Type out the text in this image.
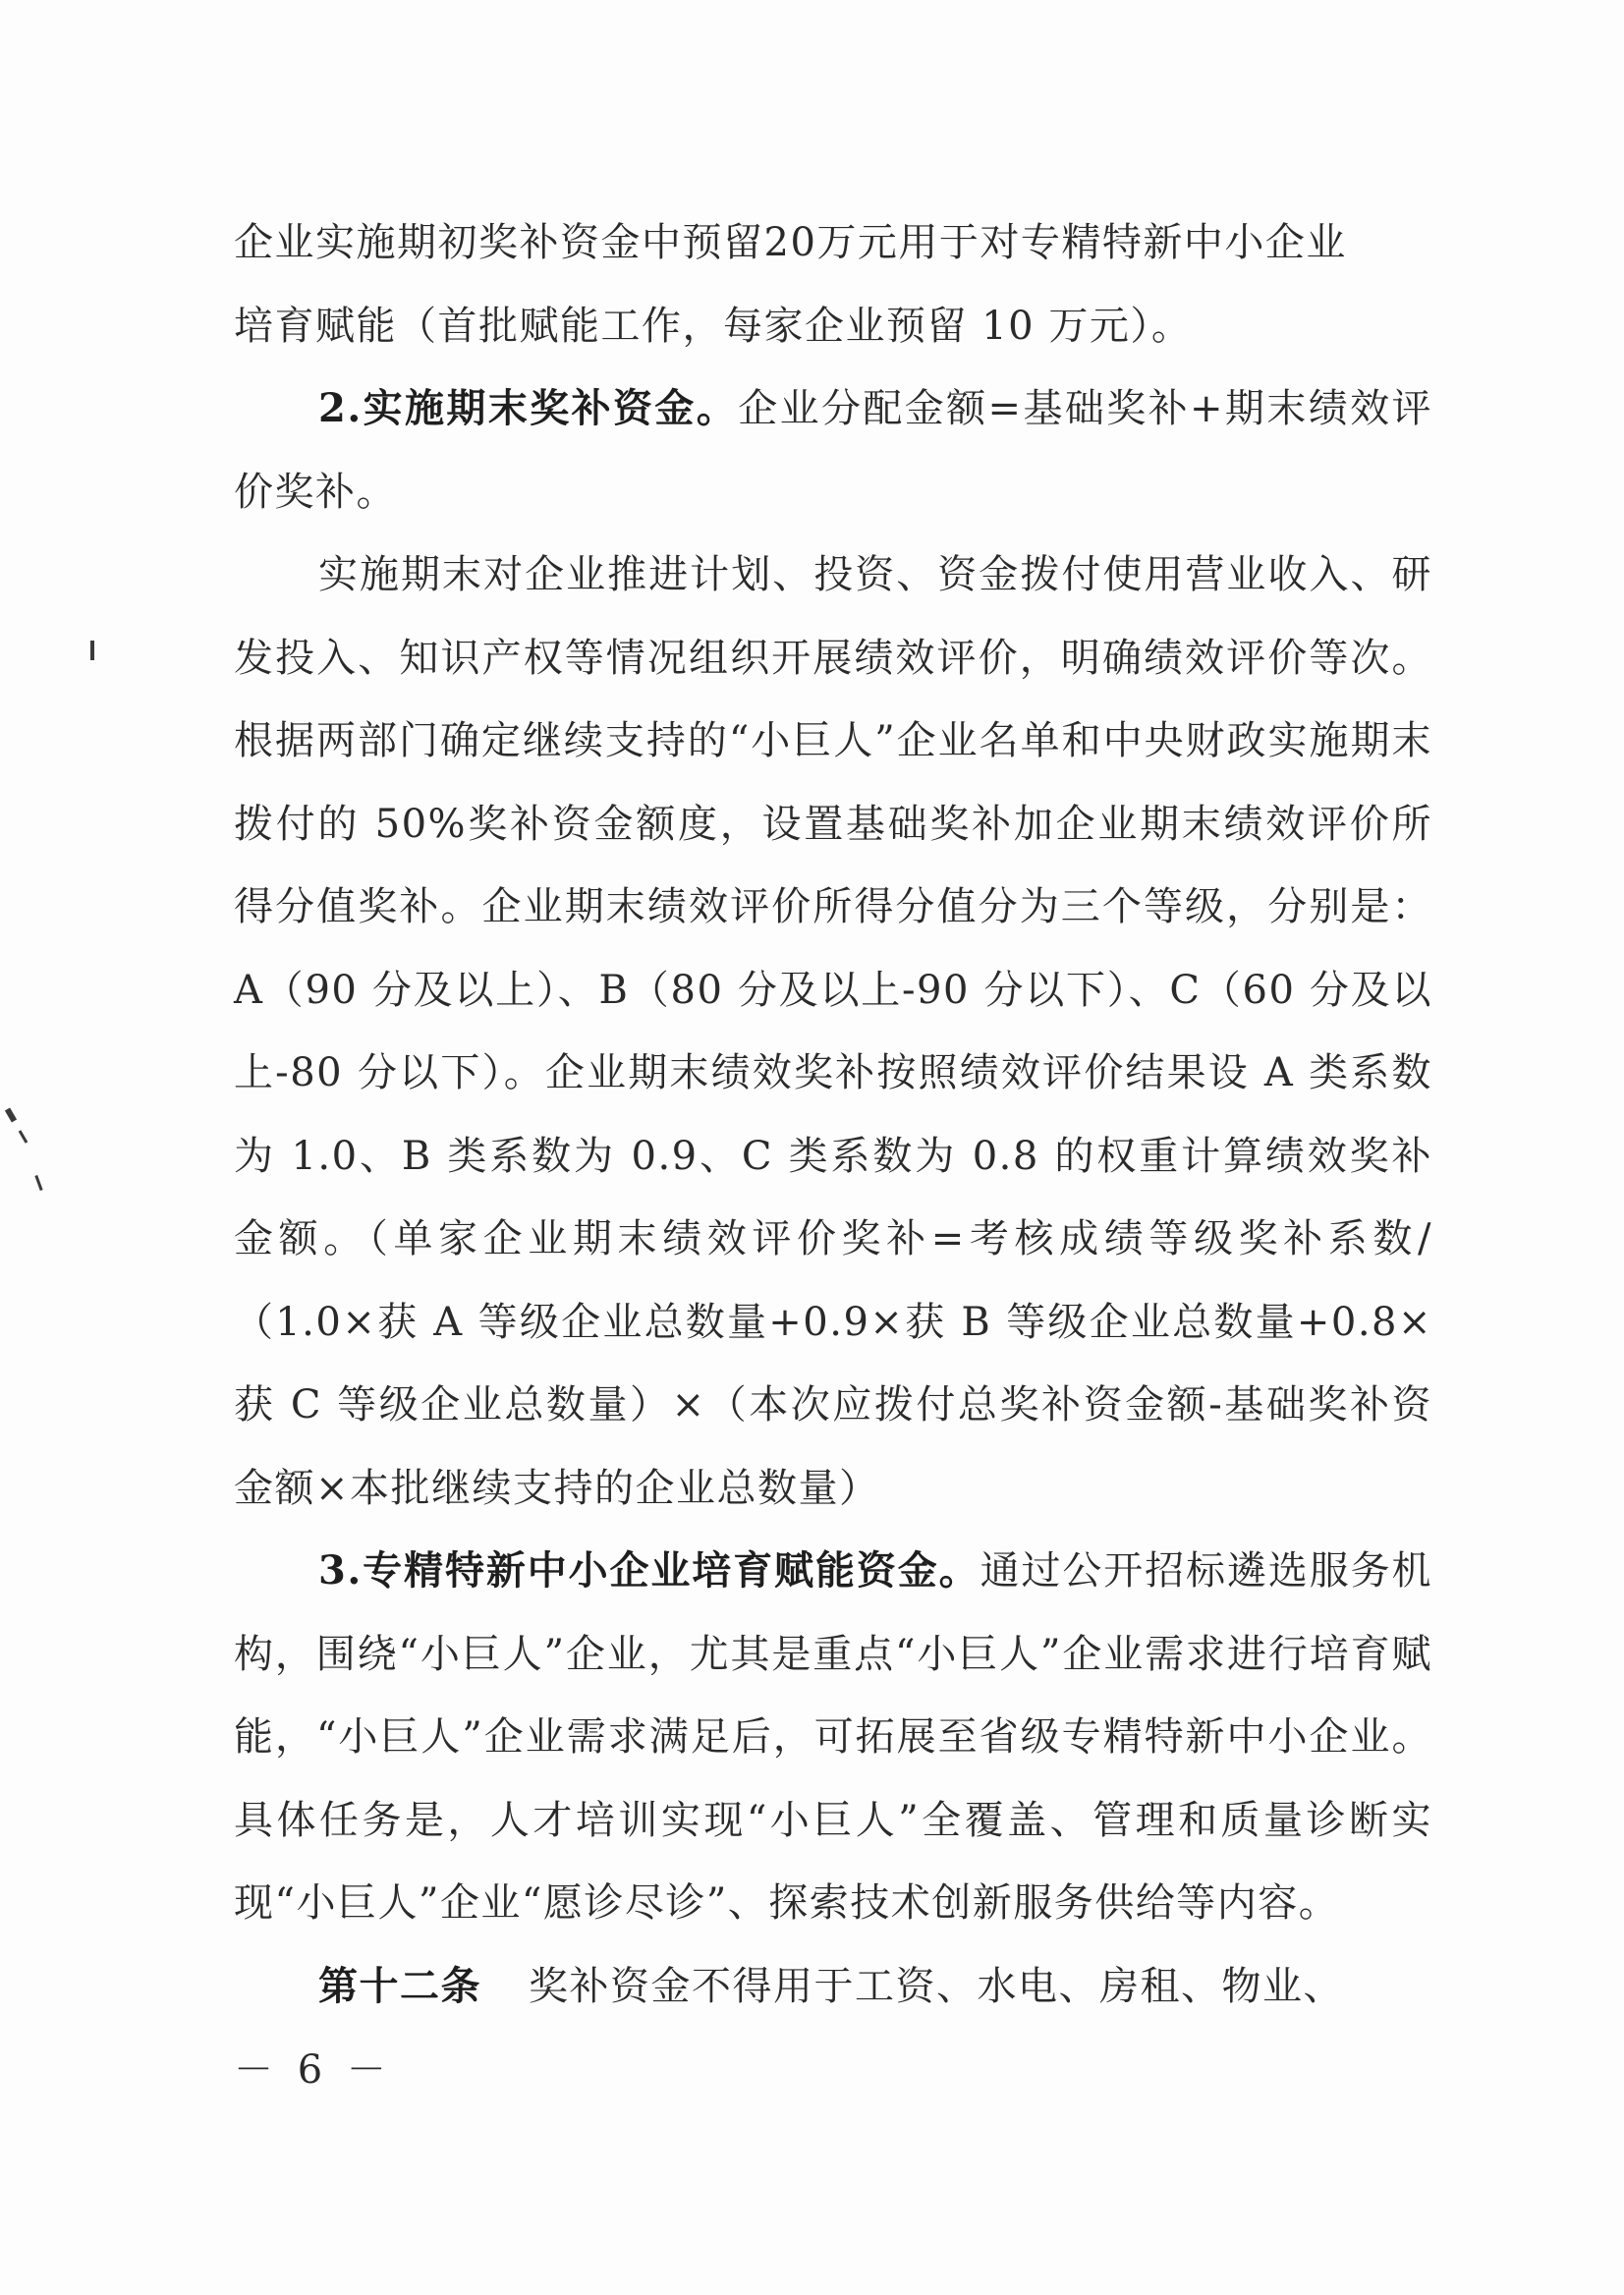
企业实施期初奖补资金中预留20万元用于对专精特新中小企业
培育赋能（首批赋能工作，每家企业预留 10 万元）。

2.实施期末奖补资金。企业分配金额=基础奖补+期末绩效评价奖补。

实施期末对企业推进计划、投资、资金拨付使用营业收入、研发投入、知识产权等情况组织开展绩效评价，明确绩效评价等次。根据两部门确定继续支持的“小巨人”企业名单和中央财政实施期末拨付的 50%奖补资金额度，设置基础奖补加企业期末绩效评价所得分值奖补。企业期末绩效评价所得分值分为三个等级，分别是：A（90 分及以上）、B（80 分及以上-90 分以下）、C（60 分及以上-80 分以下）。企业期末绩效奖补按照绩效评价结果设 A 类系数为 1.0、B 类系数为 0.9、C 类系数为 0.8 的权重计算绩效奖补金额。（单家企业期末绩效评价奖补=考核成绩等级奖补系数/（1.0×获 A 等级企业总数量+0.9×获 B 等级企业总数量+0.8×获 C 等级企业总数量）×（本次应拨付总奖补资金额-基础奖补资金额×本批继续支持的企业总数量）

3.专精特新中小企业培育赋能资金。通过公开招标遴选服务机构，围绕“小巨人”企业，尤其是重点“小巨人”企业需求进行培育赋能，“小巨人”企业需求满足后，可拓展至省级专精特新中小企业。具体任务是，人才培训实现“小巨人”全覆盖、管理和质量诊断实现“小巨人”企业“愿诊尽诊”、探索技术创新服务供给等内容。

第十二条 奖补资金不得用于工资、水电、房租、物业、

－ 6 －
